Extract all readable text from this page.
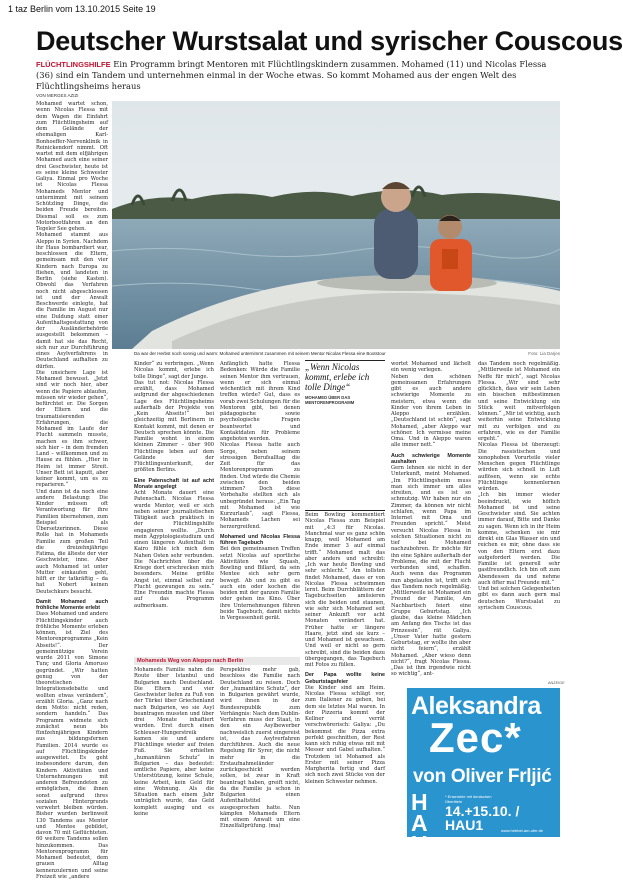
1 taz Berlin vom 13.10.2015 Seite 19
Deutscher Wurstsalat und syrischer Couscous
FLÜCHTLINGSHILFE Ein Programm bringt Mentoren mit Flüchtlingskindern zusammen. Mohamed (11) und Nicolas Flessa (36) sind ein Tandem und unternehmen einmal in der Woche etwas. So kommt Mohamed aus der engen Welt des Flüchtlingsheims heraus
VON MERGES AZIZI

Mohamed wartet schon, wenn Nicolas Flessa mit dem Wagen die Einfahrt zum Flüchtlingsheim auf dem Gelände der ehemaligen Karl-Bonhoeffer-Nervenklinik in Reinickendorf nimmt. Oft wartet mit dem elfjährigen Mohamed auch eine seiner drei Geschwister, heute ist es seine kleine Schwester Galiya. Einmal pro Woche ist Nicolas Flessa Mohameds Mentor und unternimmt mit seinem Schützling Dinge, die beiden Freude bereiten. Diesmal soll es zum Motorbootfahren an den Tegeler See gehen.

Mohamed stammt aus Aleppo in Syrien. Nachdem ihr Haus bombardiert war, beschlossen die Eltern, gemeinsam mit den vier Kindern nach Europa zu fliehen, und landeten in Berlin (siehe Kasten). Obwohl das Verfahren noch nicht abgeschlossen ist und der Anwalt Beschwerde einlegte, hat die Familie im August nur eine Duldung statt einer Aufenthaltsgestattung von der Ausländerbehörde ausgestellt bekommen – damit hat sie das Recht, sich nur zur Durchführung eines Asylverfahrens in Deutschland aufhalten zu dürfen.

Die unsichere Lage ist Mohamed bewusst. „Jetzt sind wir noch hier, aber wenn die Papiere ablaufen, müssen wir wieder gehen“, befürchtet er. Die Sorgen der Eltern und die traumatisierenden Erfahrungen, die Mohamed im Laufe der Flucht sammeln musste, machen es ihm schwer, sich hier – in dem fremden Land – willkommen und zu Hause zu fühlen. „Hier in Heim ist immer Streit. Unser Bett ist kaputt, aber keiner kommt, um es zu reparieren.“

Und dann ist da noch eine andere Belastung: Die Kinder müssen oft Verantwortung für ihre Familien übernehmen, zum Beispiel als Übersetzerinnen. Diese Rolle hat in Mohameds Familie zum großen Teil die dreizehnjährige Fatima, die älteste der vier Geschwister, inne. Aber auch Mohamed ist unter Mutter einkaufen geht, hilft er ihr tatkräftig – da hat Nobert keinen Deutschkurs besucht.

Damit Mohamed auch fröhliche Momente erlebt

Dass Mohamed und andere Flüchtlingskinder auch fröhliche Momente erleben können, ist Ziel des Mentorenprogramms „Kein Abseits!“. Der gemeinnützige Verein wurde 2011 von Simone Tunç und Gloria Amoruso gegründet. „Wir hatten genug von der theoretischen Integrationsdebatte und wollten etwas verändern“, erzählt Gloria. „Ganz nach dem Motto: nicht reden, sondern handeln.“ Das Programm widmete sich zunächst neun bis fünfzehnjährigen Kindern aus bildungsfernen Familien. 2014 wurde es auf Flüchtlingskinder ausgeweitet. Es geht insbesondere darum, den Kindern Aktivitäten und Unternehmungen mit anderen Befreundeten zu ermöglichen, die ihnen sonst aufgrund ihres sozialen Hintergrunds verwehrt bleiben würden. Bisher wurden berlinweit 130 Tandems aus Mentor und Mentee gebildet, davon 70 mit Geflüchteten. 60 weitere Tandems sollen hinzukommen. Das Mentorenprogramm für Mohamed bedeutet, dem grauen Alltag kennenzulernen und seine Freizeit wie „andere

Da war der Herbst noch sonnig und warm: Mohamed unternimmt zusammen mit seinem Mentor Nicolas Flessa eine Bootstour	Foto: Lia Darjes

Kinder“ zu verbringen. „Wenn Nicolas kommt, erlebe ich tolle Dinge“, sagt der Junge.

Das tut not: Nicolas Flessa erzählt, dass Mohamed aufgrund der abgeschiedenen Lage des Flüchtlingsheims außerhalb der Projekte von „Kein Abseits!“ bei gleichzeitig mit Berlinern in Kontakt kommt, mit denen er Deutsch sprechen könnte. Die Familie wohnt in einem kleinen Zimmer – über 900 Flüchtlinge leben auf dem Gelände der Flüchtlingsunterkunft, der größten Berlins.

Eine Patenschaft ist auf acht Monate angelegt

Acht Monate dauert eine Patenschaft. Nicolas Flessa wurde Mentor, weil er sich neben seiner journalistischen Tätigkeit auch praktisch in der Flüchtlingshilfe engagieren wollte. „Durch mein Ägyptologiestudium und einen längeren Aufenthalt in Kairo fühle ich mich dem Nahen Osten sehr verbunden. Die Nachrichten über die Kriege dort erschrecken mich besonders. Meine größte Angst ist, einmal selbst zur Flucht gezwungen zu sein.“ Eine Freundin machte Flessa auf das Programm aufmerksam.

Anfänglich hatte Flessa Bedenken: Würde die Familie seinen Mentor ihm vertrauen, wenn er sich einmal wöchentlich mit ihrem Kind treffen würde? Gut, dass es vorab zwei Schulungen für die Mentoren gibt, bei denen pädagogische sowie psychologische Fragen beantwortet und Kontaktdaten für Probleme angeboten werden.

Nicolas Flessa hatte auch Sorge, neben seinem stressigen Berufsalltag die Zeit für das Mentorenprogramm zu finden. Und würde die Chemie zwischen den beiden stimmen? Doch diese Vorbehalte stellten sich als unbegründet heraus: „Ein Tag mit Mohamed ist wie Kurzurlaub“, sagt Flessa, Mohameds Lachen sei herzergreifend.

Mohamed und Nicolas Flessa führen Tagebuch

Bei den gemeinsamen Treffen setzt Nicolas auf sportliche Aktivitäten wie Squash, Bowling und Billard, da sein Mentee sich sehr gern bewegt. Ab und zu gibt es auch ein oder kochen die beiden mit der ganzen Familie oder gehen ins Kino. Über ihre Unternehmungen führen beide Tagebuch, damit nichts in Vergessenheit gerät.

„Wenn Nicolas kommt, erlebe ich tolle Dinge“
MOHAMED ÜBER DAS MENTORENPROGRAMM

Beim Bowling kommentiert Nicolas Flessa zum Beispiel mit „4:3 für Nicolas. Manchmal war es ganz schön knapp, weil Mohamed am Ende immer 3 auf einmal trifft.“ Mohamed malt das aber anders und schreibt: „Ich war heute Bowling und sehr schlecht.“ Am tollsten findet Mohamed, dass er von Nicolas Flessa schwimmen lernt. Beim Durchblättern der Tagebuchseiten amüsieren sich die beiden und staunen, wie sehr sich Mohamed seit seiner Ankunft vor acht Monaten verändert hat. Früher hatte er längere Haare, jetzt sind sie kurz – und Mohamed ist gewachsen. Und weil er nicht so gern schreibt, sind die beiden dazu übergegangen, das Tagebuch mit Fotos zu füllen.

Der Papa wollte keine Geburtstagsfeier

Die Kinder sind am Heim. Nicolas Flessa schlägt vor, zum Italiener zu gehen, bei dem sie letztes Mal waren. In der Pizzeria kommt der Kellner und verrät verschwörerisch: Galiya: „Du bekommst die Pizza extra perfekt geschnitten, der Rest kann sich ruhig etwas mit mit Messer und Gabel aufhalten.“ Trotzdem ist Mohamed als Erster mit seiner Pizza Margherita fertig und darf sich noch zwei Stücke von der kleinen Schwester nehmen.

wortet Mohamed und lächelt ein wenig verlegen.

Neben den schönen gemeinsamen Erfahrungen gibt es auch andere schwierige Momente zu meistern, etwa wenn die Kinder von ihrem Leben in Aleppo erzählen. „Deutschland ist schön“, sagt Mohamed, „aber Aleppo war schöner. Ich vermisse meine Oma. Und in Aleppo waren alle immer nett.“

Auch schwierige Momente aushalten

Gern lehnen sie nicht in der Unterkunft, meint Mohamed. „Im Flüchtlingsheim muss man sich immer um alles streiten, und es ist so schmutzig. Wir haben nur ein Zimmer, da können wir nicht schlafen, wenn Papa im Internet mit Oma und Freunden spricht.“ Meist versucht Nicolas Flessa in solchen Situationen nicht zu tief bei Mohamed nachzubohren. Er möchte für ihn eine Sphäre außerhalb der Probleme, die mit der Flucht verbunden sind, schaffen. Auch wenn das Programm nun abgelaufen ist, trifft sich das Tandem noch regelmäßig. „Mittlerweile ist Mohamed ein Freund der Familie, Am Nachbartisch feiert eine Gruppe Geburtstag. „Ich glaube, das kleine Mädchen am Anfang des Tischs ist das Prinzessin“, rät Galiya. „Unser Vater hatte gestern Geburtstag, er wollte ihn aber nicht feiern“, erzählt Mohamed. „Aber wieso denn nicht?“, fragt Nicolas Flessa. „Das ist ihm irgendwie nicht so wichtig“, ant-

das Tandem noch regelmäßig. „Mittlerweile ist Mohamed ein Neffe für mich“, sagt Nicolas Flessa. „Wir sind sehr glücklich, dass wir sein Leben ein bisschen mitbestimmen und seine Entwicklung ein Stück weit mitverfolgen können.“ „Mir ist wichtig, auch weiterhin seine Entwicklung mit zu verfolgen und zu erfahren, wie es der Familie ergeht.“

Nicolas Flessa ist überzeugt: Die rassistischen und xenophoben Vorurteile vieler Menschen gegen Flüchtlinge würden sich schnell in Luft auflösen, wenn sie echte Flüchtlinge kennenlernen würden.

„Ich bin immer wieder beeindruckt, wie höflich Mohamed ist und seine Geschwister sind. Sie achten immer darauf, Bitte und Danke zu sagen. Wenn ich in ihr Heim komme, schenken sie mir direkt ein Glas Wasser ein und reichen es mir, ohne dass sie von den Eltern erst dazu aufgefordert werden. Die Familie ist generell sehr gastfreundlich. Ich bin oft zum Abendessen da und nehme auch öfter mal Freunde mit.“

Und bei solchen Gelegenheiten gibt es dann auch gern mal deutschen Wurstsalat zu syrischem Couscous.

Mohameds Weg von Aleppo nach Berlin
Mohameds Familie nahm die Route über Istanbul und Bulgarien nach Deutschland. Die Eltern und vier Geschwister liefen zu Fuß von der Türkei über Griechenland nach Bulgarien, wo sie Asyl beantragen mussten und über drei Monate inhaftiert wurden. Erst durch einen Schleuser-Hungerstreik kamen sie und andere Flüchtlinge wieder auf freien Fuß. Sie erhielten „humanitären Schutz“ in Bulgarien – das bedeutet: amtliche Papiere, aber keine Unterstützung, keine Schule, keine Arbeit, kein Geld für eine Wohnung. Als die Situation nach einem Jahr unträglich wurde, das Geld komplett ausging und es keine
Perspektive mehr gab, beschloss die Familie nach Deutschland zu reisen. Doch der „humanitäre Schutz“, der in Bulgarien gewährt wurde, wird ihnen in der Bundesrepublik zum Verhängnis: Nach dem Dublin-Verfahren muss der Staat, in den ein Asylbewerber nachweislich zuerst eingereist ist, das Asylverfahren durchführen. Auch die neue Regelung für Syrer, die nicht mehr in die Erstaufnahmeländer zurückgeschickt werden sollen, ist zwar in Kraft beantragt haben, greift nicht, da die Familie ja schon in Bulgarien einen Aufenthaltstitel ausgesprochen hatte. Nun kämpfen Mohameds Eltern mit einem Anwalt um eine Einzelfallprüfung. (ma)
ANZEIGE
Aleksandra
Zec*
von Oliver Frljić
HAU
* Ensemble mit deutschen Übertiteln
14.+15.10. /
HAU1	www.hebbel-am-ufer.de
